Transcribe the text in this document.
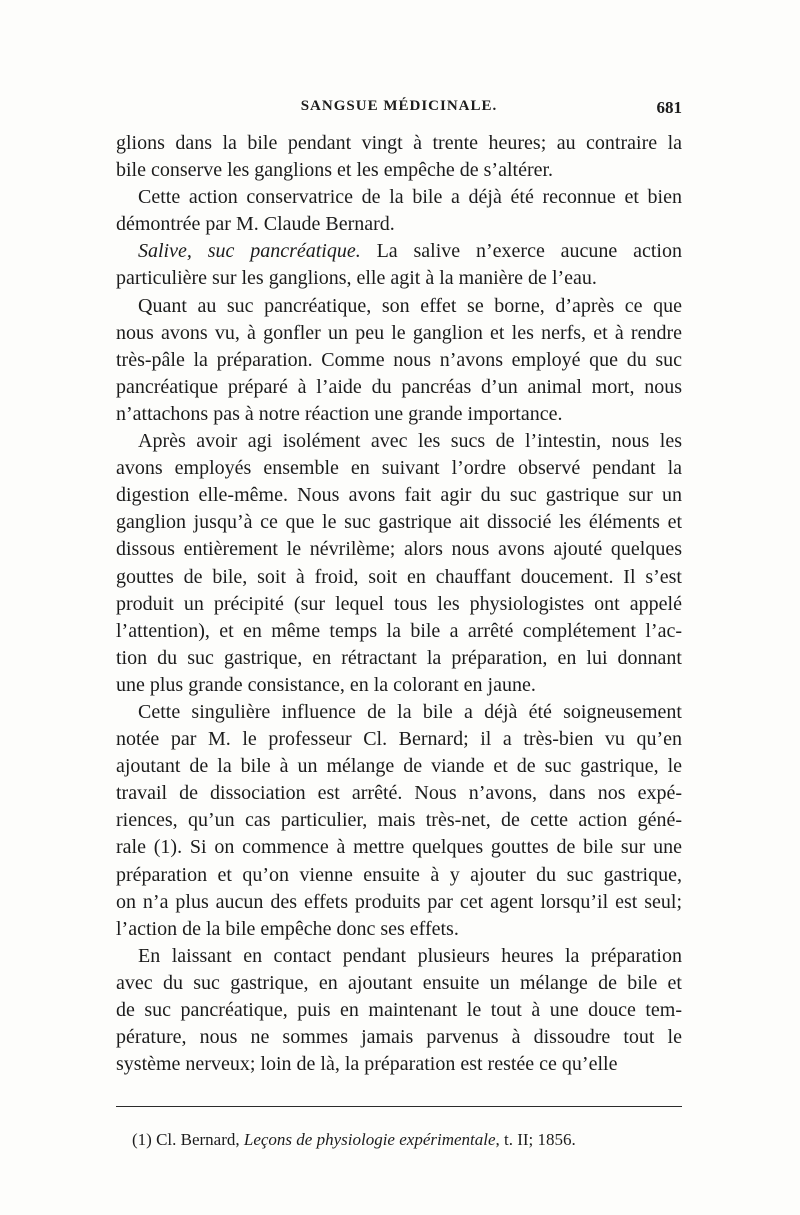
SANGSUE MÉDICINALE.	681
glions dans la bile pendant vingt à trente heures; au contraire la
bile conserve les ganglions et les empêche de s’altérer.
Cette action conservatrice de la bile a déjà été reconnue et bien
démontrée par M. Claude Bernard.
Salive, suc pancréatique. La salive n’exerce aucune action
particulière sur les ganglions, elle agit à la manière de l’eau.
Quant au suc pancréatique, son effet se borne, d’après ce que
nous avons vu, à gonfler un peu le ganglion et les nerfs, et à rendre
très-pâle la préparation. Comme nous n’avons employé que du suc
pancréatique préparé à l’aide du pancréas d’un animal mort, nous
n’attachons pas à notre réaction une grande importance.
Après avoir agi isolément avec les sucs de l’intestin, nous les
avons employés ensemble en suivant l’ordre observé pendant la
digestion elle-même. Nous avons fait agir du suc gastrique sur un
ganglion jusqu’à ce que le suc gastrique ait dissocié les éléments et
dissous entièrement le névrilème; alors nous avons ajouté quelques
gouttes de bile, soit à froid, soit en chauffant doucement. Il s’est
produit un précipité (sur lequel tous les physiologistes ont appelé
l’attention), et en même temps la bile a arrêté complétement l’ac-
tion du suc gastrique, en rétractant la préparation, en lui donnant
une plus grande consistance, en la colorant en jaune.
Cette singulière influence de la bile a déjà été soigneusement
notée par M. le professeur Cl. Bernard; il a très-bien vu qu’en
ajoutant de la bile à un mélange de viande et de suc gastrique, le
travail de dissociation est arrêté. Nous n’avons, dans nos expé-
riences, qu’un cas particulier, mais très-net, de cette action géné-
rale (1). Si on commence à mettre quelques gouttes de bile sur une
préparation et qu’on vienne ensuite à y ajouter du suc gastrique,
on n’a plus aucun des effets produits par cet agent lorsqu’il est seul;
l’action de la bile empêche donc ses effets.
En laissant en contact pendant plusieurs heures la préparation
avec du suc gastrique, en ajoutant ensuite un mélange de bile et
de suc pancréatique, puis en maintenant le tout à une douce tem-
pérature, nous ne sommes jamais parvenus à dissoudre tout le
système nerveux; loin de là, la préparation est restée ce qu’elle
(1) Cl. Bernard, Leçons de physiologie expérimentale, t. II; 1856.
